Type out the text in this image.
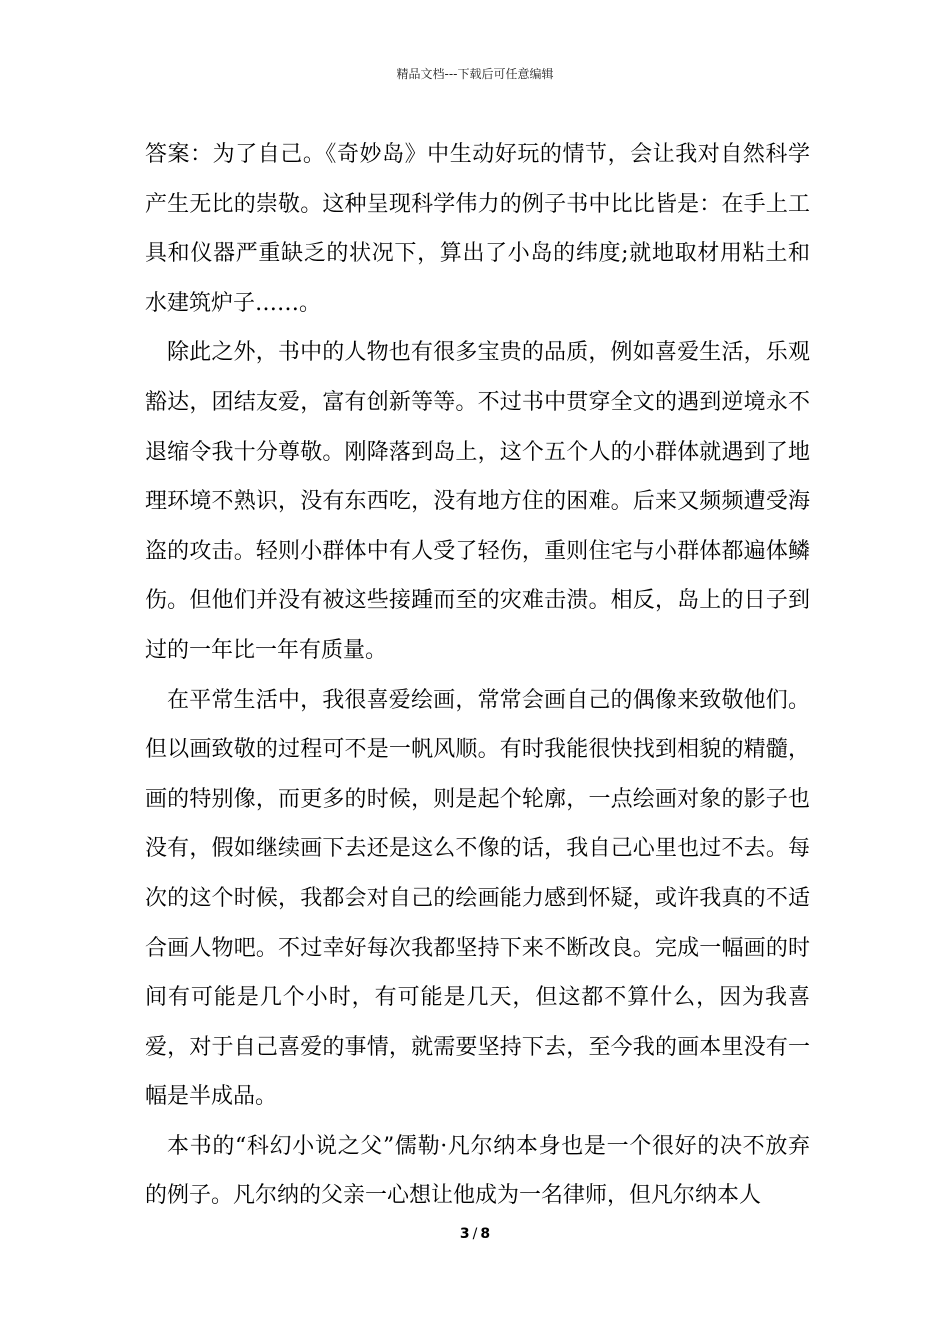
精品文档---下载后可任意编辑

答案：为了自己。《奇妙岛》中生动好玩的情节，会让我对自然科学产生无比的崇敬。这种呈现科学伟力的例子书中比比皆是：在手上工具和仪器严重缺乏的状况下，算出了小岛的纬度;就地取材用粘土和水建筑炉子……。

除此之外，书中的人物也有很多宝贵的品质，例如喜爱生活，乐观豁达，团结友爱，富有创新等等。不过书中贯穿全文的遇到逆境永不退缩令我十分尊敬。刚降落到岛上，这个五个人的小群体就遇到了地理环境不熟识，没有东西吃，没有地方住的困难。后来又频频遭受海盗的攻击。轻则小群体中有人受了轻伤，重则住宅与小群体都遍体鳞伤。但他们并没有被这些接踵而至的灾难击溃。相反，岛上的日子到过的一年比一年有质量。

在平常生活中，我很喜爱绘画，常常会画自己的偶像来致敬他们。但以画致敬的过程可不是一帆风顺。有时我能很快找到相貌的精髓，画的特别像，而更多的时候，则是起个轮廓，一点绘画对象的影子也没有，假如继续画下去还是这么不像的话，我自己心里也过不去。每次的这个时候，我都会对自己的绘画能力感到怀疑，或许我真的不适合画人物吧。不过幸好每次我都坚持下来不断改良。完成一幅画的时间有可能是几个小时，有可能是几天，但这都不算什么，因为我喜爱，对于自己喜爱的事情，就需要坚持下去，至今我的画本里没有一幅是半成品。

本书的“科幻小说之父”儒勒·凡尔纳本身也是一个很好的决不放弃的例子。凡尔纳的父亲一心想让他成为一名律师，但凡尔纳本人

3 / 8
